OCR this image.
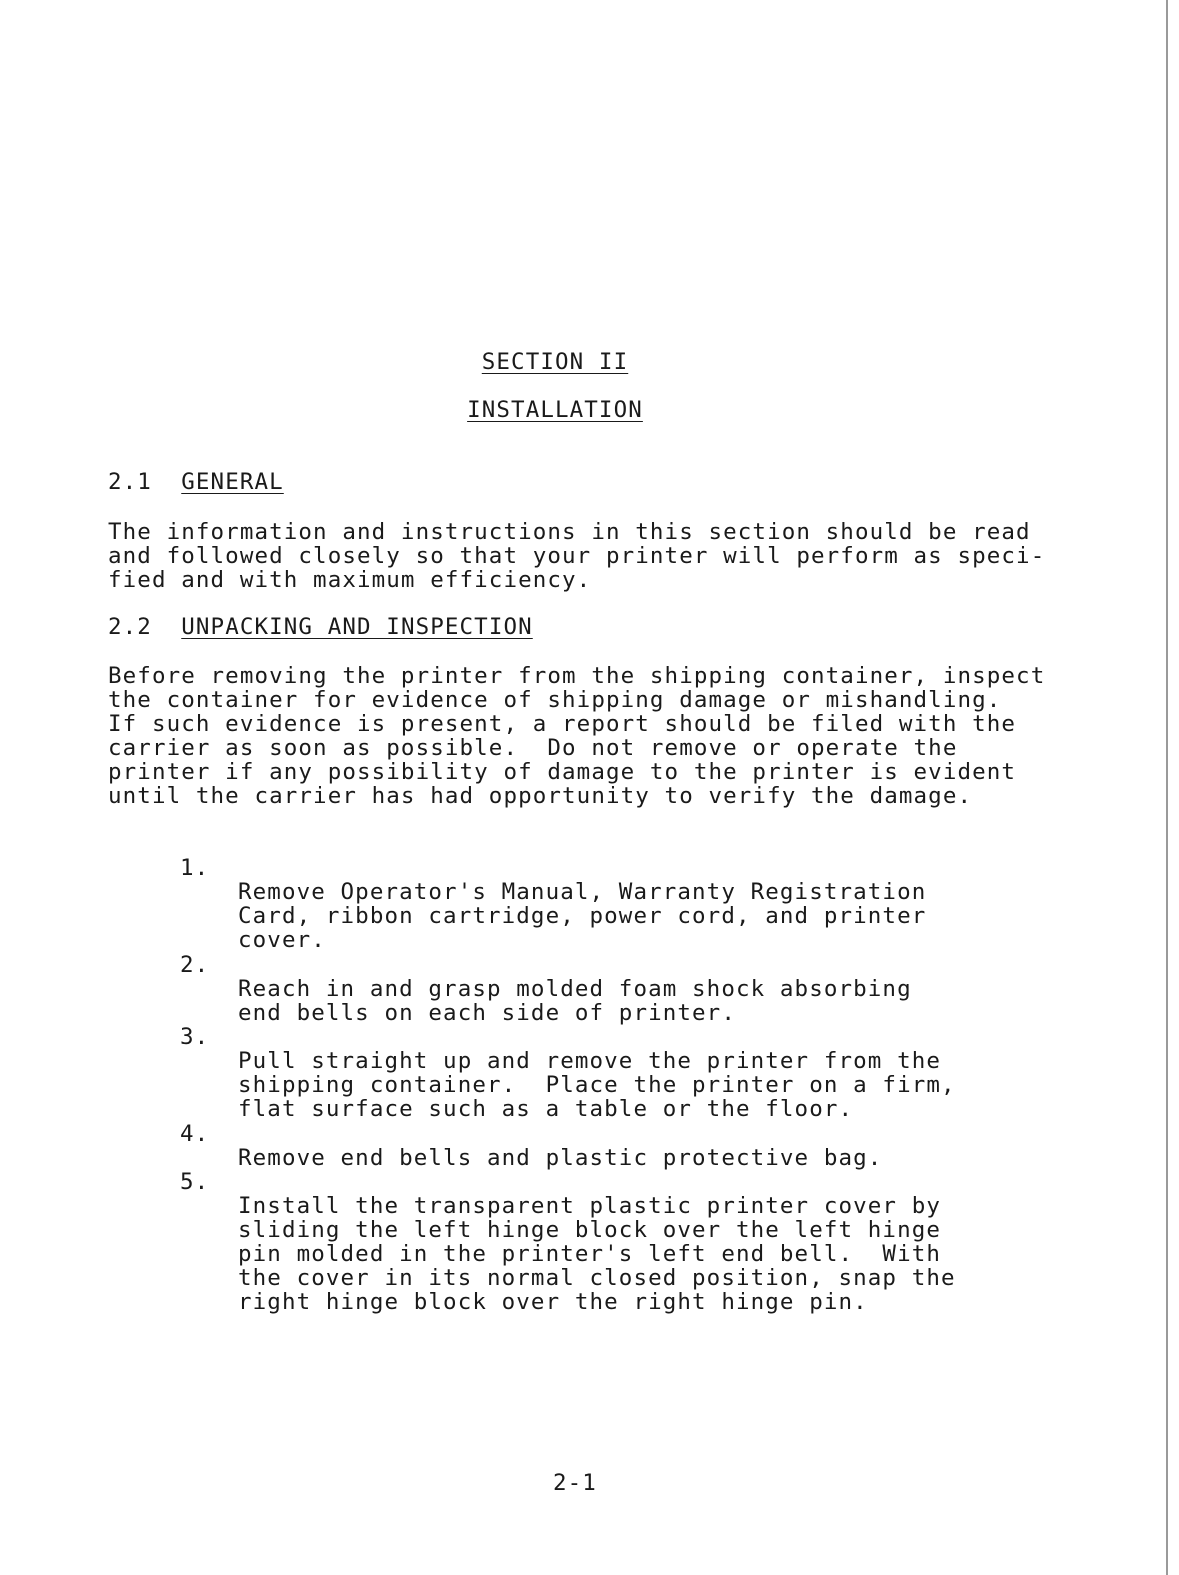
SECTION II
INSTALLATION
2.1 GENERAL
The information and instructions in this section should be read
and followed closely so that your printer will perform as speci-
fied and with maximum efficiency.
2.2 UNPACKING AND INSPECTION
Before removing the printer from the shipping container, inspect
the container for evidence of shipping damage or mishandling.
If such evidence is present, a report should be filed with the
carrier as soon as possible.  Do not remove or operate the
printer if any possibility of damage to the printer is evident
until the carrier has had opportunity to verify the damage.

1.

Remove Operator's Manual, Warranty Registration
Card, ribbon cartridge, power cord, and printer
cover.

2.

Reach in and grasp molded foam shock absorbing
end bells on each side of printer.

3.

Pull straight up and remove the printer from the
shipping container.  Place the printer on a firm,
flat surface such as a table or the floor.

4.

Remove end bells and plastic protective bag.

5.

Install the transparent plastic printer cover by
sliding the left hinge block over the left hinge
pin molded in the printer's left end bell.  With
the cover in its normal closed position, snap the
right hinge block over the right hinge pin.

2-1
